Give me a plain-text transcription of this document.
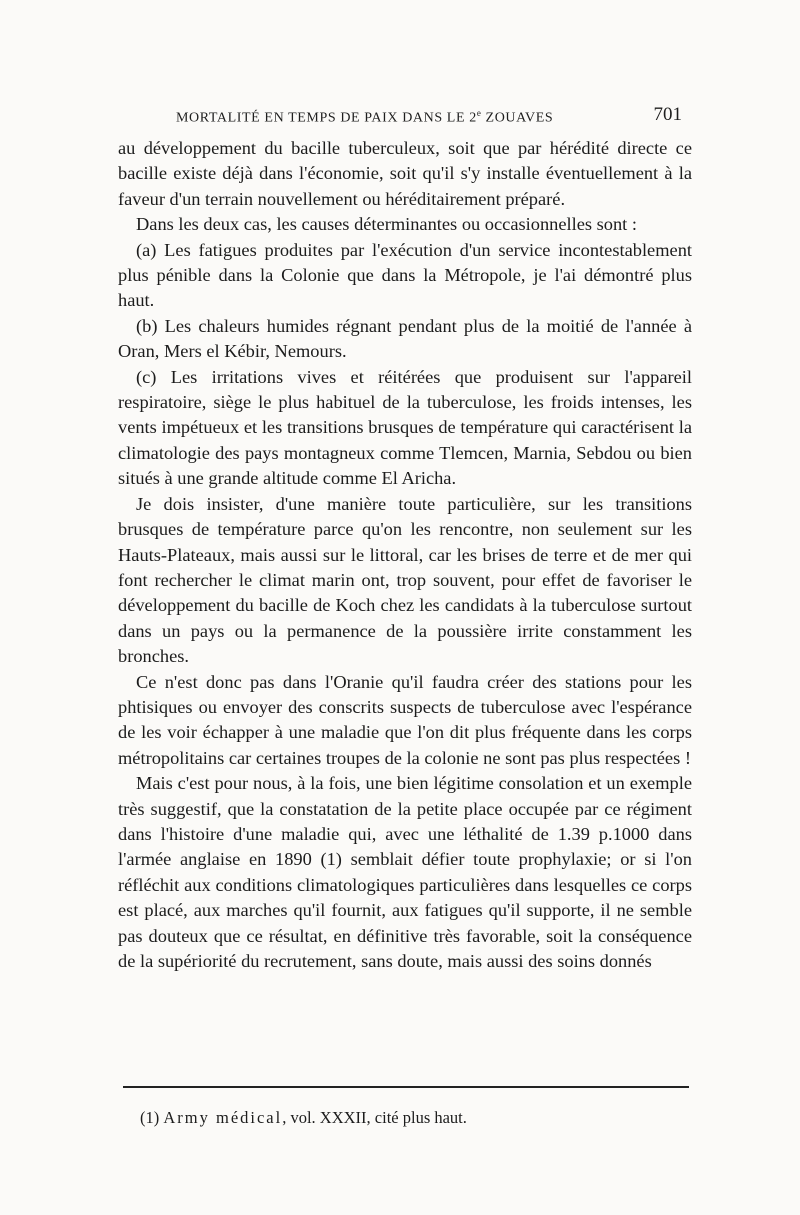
MORTALITÉ EN TEMPS DE PAIX DANS LE 2e ZOUAVES	701

au développement du bacille tuberculeux, soit que par hérédité directe ce bacille existe déjà dans l'économie, soit qu'il s'y installe éventuellement à la faveur d'un terrain nouvellement ou héréditairement préparé.

Dans les deux cas, les causes déterminantes ou occasionnelles sont :

(a) Les fatigues produites par l'exécution d'un service incontestablement plus pénible dans la Colonie que dans la Métropole, je l'ai démontré plus haut.

(b) Les chaleurs humides régnant pendant plus de la moitié de l'année à Oran, Mers el Kébir, Nemours.

(c) Les irritations vives et réitérées que produisent sur l'appareil respiratoire, siège le plus habituel de la tuberculose, les froids intenses, les vents impétueux et les transitions brusques de température qui caractérisent la climatologie des pays montagneux comme Tlemcen, Marnia, Sebdou ou bien situés à une grande altitude comme El Aricha.

Je dois insister, d'une manière toute particulière, sur les transitions brusques de température parce qu'on les rencontre, non seulement sur les Hauts-Plateaux, mais aussi sur le littoral, car les brises de terre et de mer qui font rechercher le climat marin ont, trop souvent, pour effet de favoriser le développement du bacille de Koch chez les candidats à la tuberculose surtout dans un pays ou la permanence de la poussière irrite constamment les bronches.

Ce n'est donc pas dans l'Oranie qu'il faudra créer des stations pour les phtisiques ou envoyer des conscrits suspects de tuberculose avec l'espérance de les voir échapper à une maladie que l'on dit plus fréquente dans les corps métropolitains car certaines troupes de la colonie ne sont pas plus respectées !

Mais c'est pour nous, à la fois, une bien légitime consolation et un exemple très suggestif, que la constatation de la petite place occupée par ce régiment dans l'histoire d'une maladie qui, avec une léthalité de 1.39 p.1000 dans l'armée anglaise en 1890 (1) semblait défier toute prophylaxie; or si l'on réfléchit aux conditions climatologiques particulières dans lesquelles ce corps est placé, aux marches qu'il fournit, aux fatigues qu'il supporte, il ne semble pas douteux que ce résultat, en définitive très favorable, soit la conséquence de la supériorité du recrutement, sans doute, mais aussi des soins donnés

(1) Army médical, vol. XXXII, cité plus haut.
